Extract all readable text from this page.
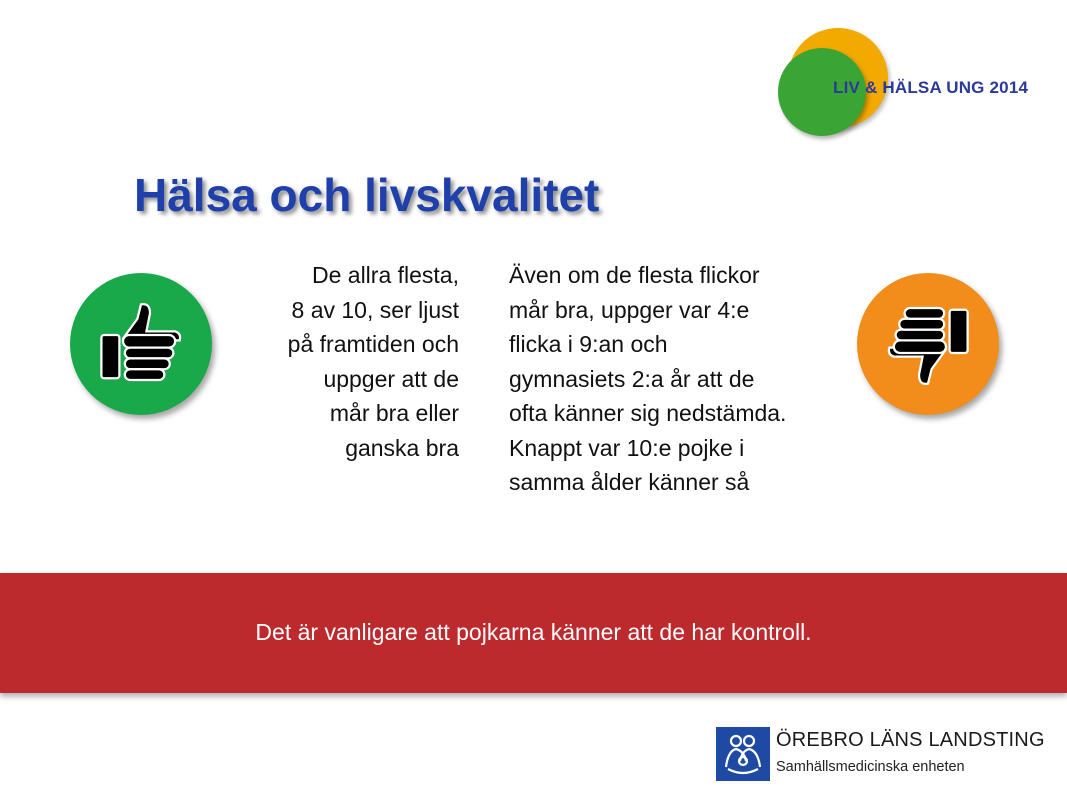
LIV & HÄLSA UNG 2014
Hälsa och livskvalitet

De allra flesta,

8 av 10, ser ljust

på framtiden och

uppger att de

mår bra eller

ganska bra

Även om de flesta flickor

mår bra, uppger var 4:e

flicka i 9:an och

gymnasiets 2:a år att de

ofta känner sig nedstämda.

Knappt var 10:e pojke i

samma ålder känner så

Det är vanligare att pojkarna känner att de har kontroll.
ÖREBRO LÄNS LANDSTING
Samhällsmedicinska enheten
